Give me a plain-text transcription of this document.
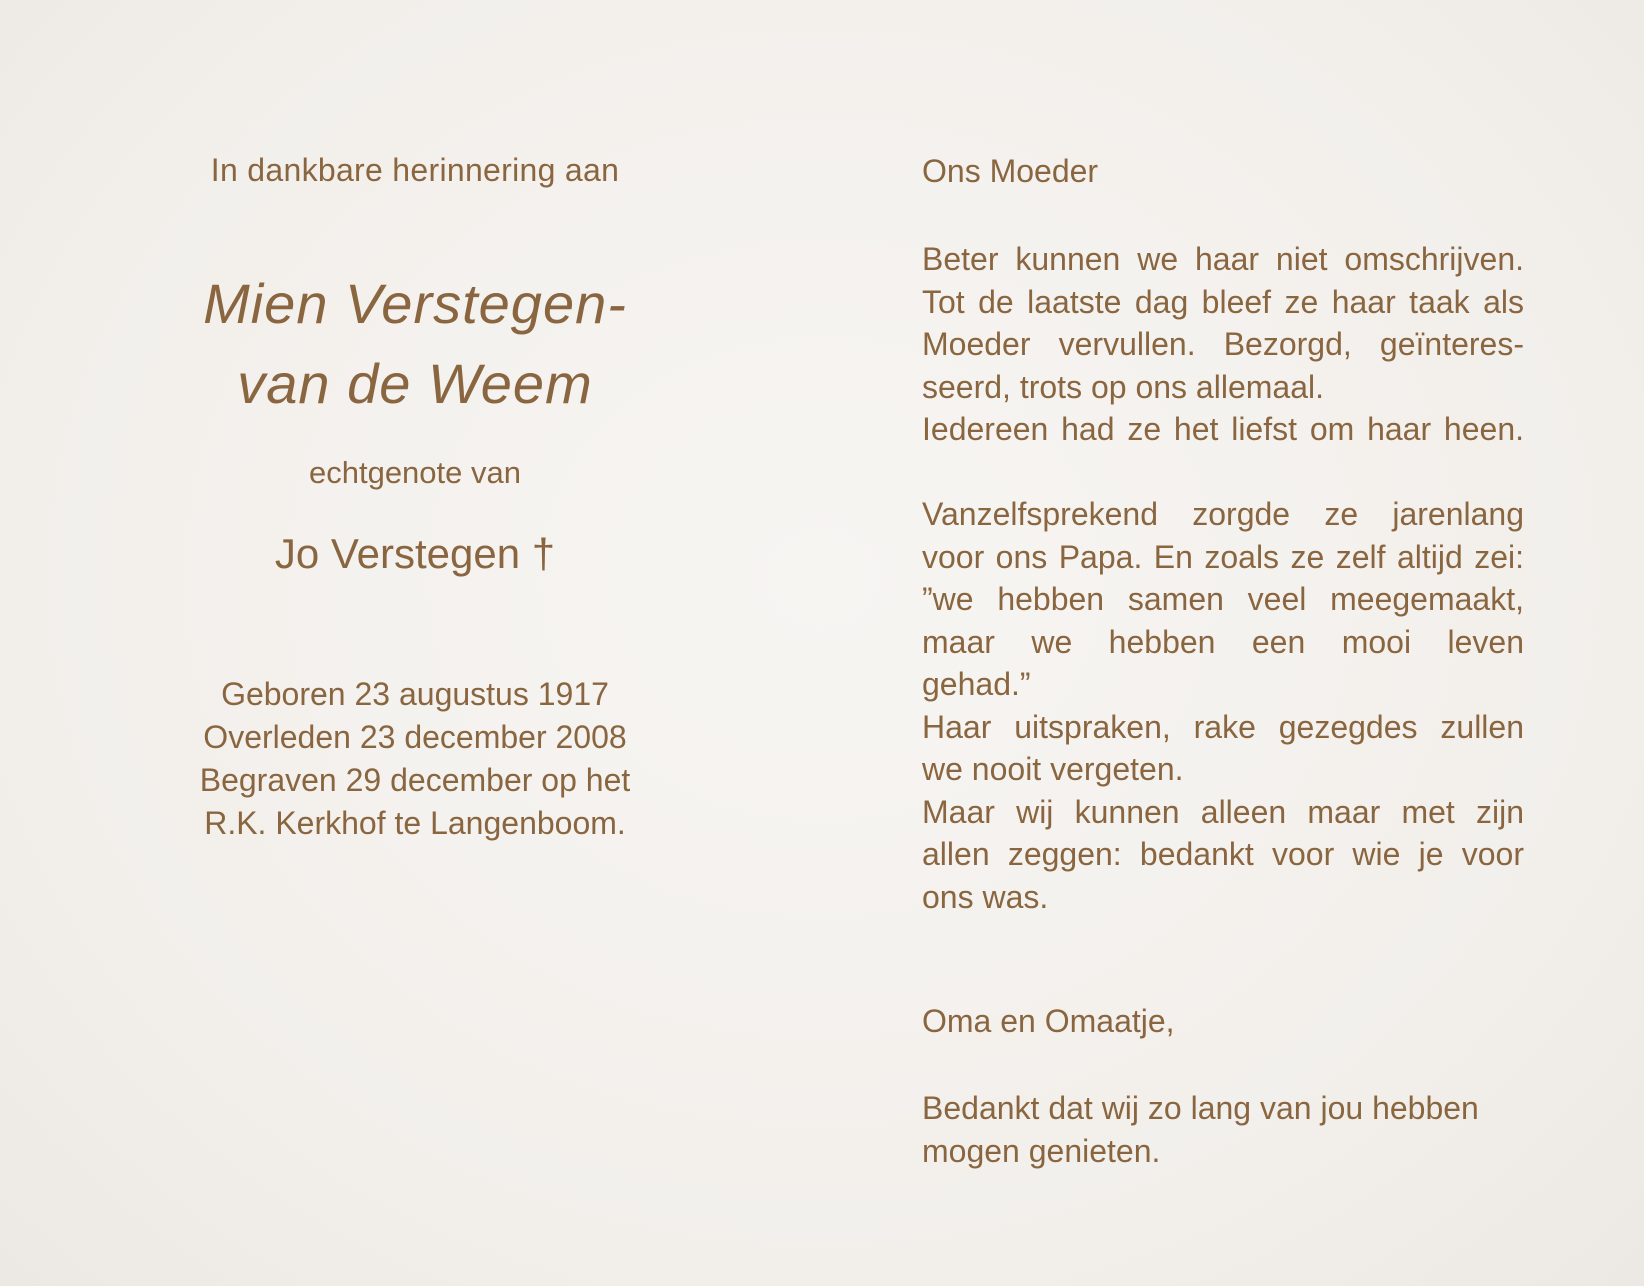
In dankbare herinnering aan
Mien Verstegen-
van de Weem
echtgenote van
Jo Verstegen †
Geboren 23 augustus 1917
Overleden 23 december 2008
Begraven 29 december op het
R.K. Kerkhof te Langenboom.
Ons Moeder
Beter kunnen we haar niet omschrijven.
Tot de laatste dag bleef ze haar taak als
Moeder vervullen. Bezorgd, geïnteres-
seerd, trots op ons allemaal.
Iedereen had ze het liefst om haar heen.
Vanzelfsprekend zorgde ze jarenlang
voor ons Papa. En zoals ze zelf altijd zei:
”we hebben samen veel meegemaakt,
maar we hebben een mooi leven
gehad.”
Haar uitspraken, rake gezegdes zullen
we nooit vergeten.
Maar wij kunnen alleen maar met zijn
allen zeggen: bedankt voor wie je voor
ons was.
Oma en Omaatje,
Bedankt dat wij zo lang van jou hebben
mogen genieten.
